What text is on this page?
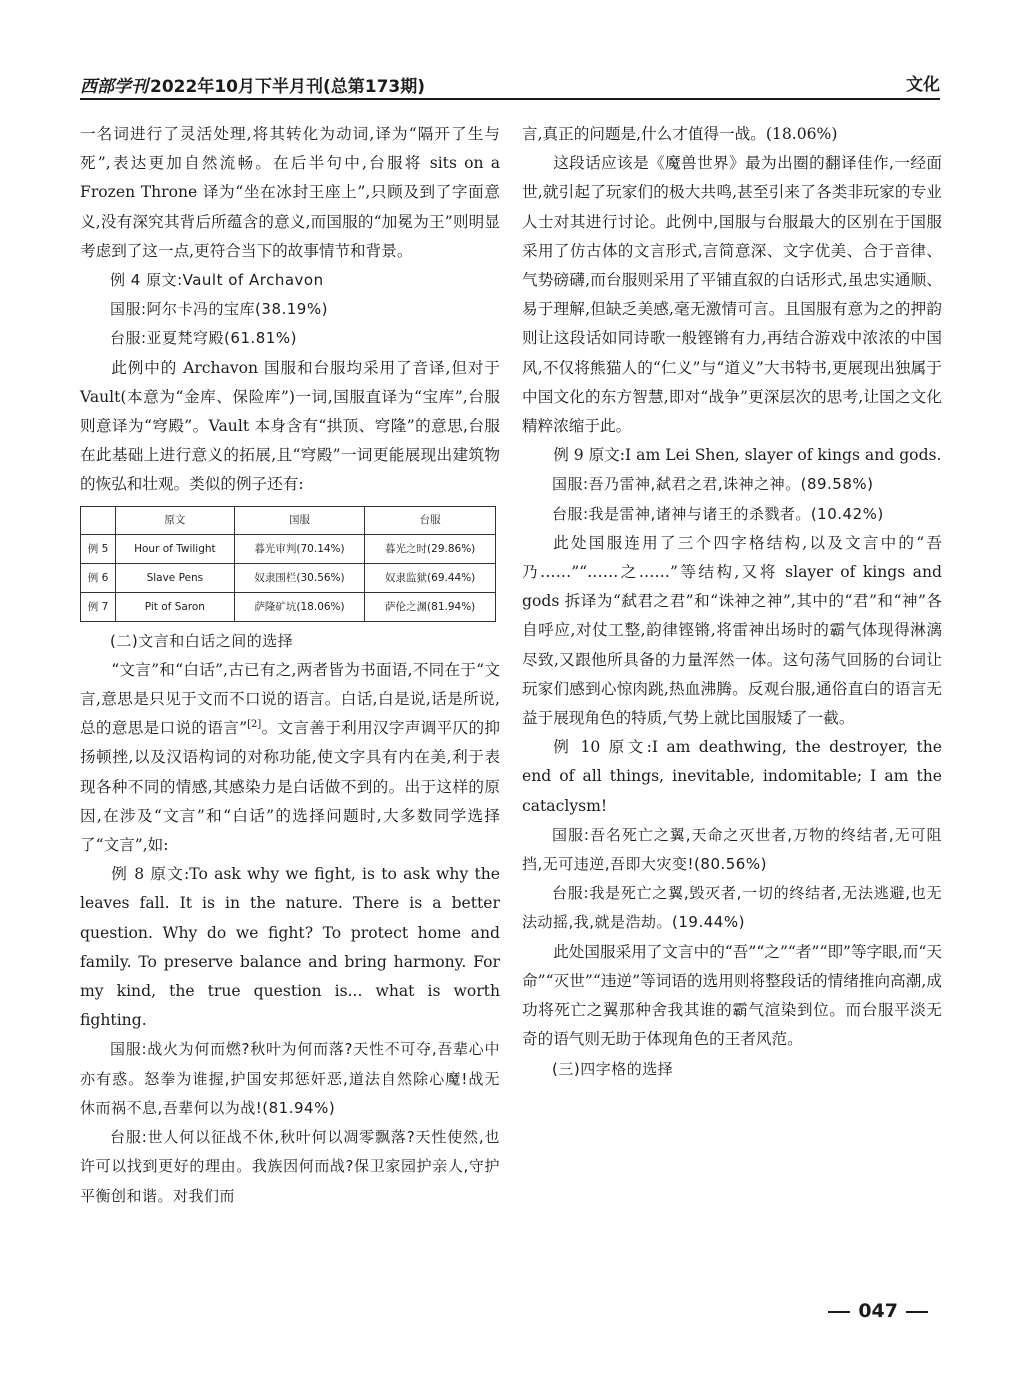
西部学刊 2022年10月下半月刊(总第173期)	文化

一名词进行了灵活处理,将其转化为动词,译为“隔开了生与死”,表达更加自然流畅。在后半句中,台服将 sits on a Frozen Throne 译为“坐在冰封王座上”,只顾及到了字面意义,没有深究其背后所蕴含的意义,而国服的“加冕为王”则明显考虑到了这一点,更符合当下的故事情节和背景。

例 4 原文:Vault of Archavon

国服:阿尔卡冯的宝库(38.19%)

台服:亚夏梵穹殿(61.81%)

此例中的 Archavon 国服和台服均采用了音译,但对于 Vault(本意为“金库、保险库”)一词,国服直译为“宝库”,台服则意译为“穹殿”。Vault 本身含有“拱顶、穹隆”的意思,台服在此基础上进行意义的拓展,且“穹殿”一词更能展现出建筑物的恢弘和壮观。类似的例子还有:

	原文	国服	台服
例 5	Hour of Twilight	暮光审判(70.14%)	暮光之时(29.86%)
例 6	Slave Pens	奴隶围栏(30.56%)	奴隶监狱(69.44%)
例 7	Pit of Saron	萨隆矿坑(18.06%)	萨伦之渊(81.94%)

(二)文言和白话之间的选择

“文言”和“白话”,古已有之,两者皆为书面语,不同在于“文言,意思是只见于文而不口说的语言。白话,白是说,话是所说,总的意思是口说的语言”[2]。文言善于利用汉字声调平仄的抑扬顿挫,以及汉语构词的对称功能,使文字具有内在美,利于表现各种不同的情感,其感染力是白话做不到的。出于这样的原因,在涉及“文言”和“白话”的选择问题时,大多数同学选择了“文言”,如:

例 8 原文:To ask why we fight, is to ask why the leaves fall. It is in the nature. There is a better question. Why do we fight? To protect home and family. To preserve balance and bring harmony. For my kind, the true question is... what is worth fighting.

国服:战火为何而燃?秋叶为何而落?天性不可夺,吾辈心中亦有惑。怒拳为谁握,护国安邦惩奸恶,道法自然除心魔!战无休而祸不息,吾辈何以为战!(81.94%)

台服:世人何以征战不休,秋叶何以凋零飘落?天性使然,也许可以找到更好的理由。我族因何而战?保卫家园护亲人,守护平衡创和谐。对我们而

言,真正的问题是,什么才值得一战。(18.06%)

这段话应该是《魔兽世界》最为出圈的翻译佳作,一经面世,就引起了玩家们的极大共鸣,甚至引来了各类非玩家的专业人士对其进行讨论。此例中,国服与台服最大的区别在于国服采用了仿古体的文言形式,言简意深、文字优美、合于音律、气势磅礴,而台服则采用了平铺直叙的白话形式,虽忠实通顺、易于理解,但缺乏美感,毫无激情可言。且国服有意为之的押韵则让这段话如同诗歌一般铿锵有力,再结合游戏中浓浓的中国风,不仅将熊猫人的“仁义”与“道义”大书特书,更展现出独属于中国文化的东方智慧,即对“战争”更深层次的思考,让国之文化精粹浓缩于此。

例 9 原文:I am Lei Shen, slayer of kings and gods.

国服:吾乃雷神,弑君之君,诛神之神。(89.58%)

台服:我是雷神,诸神与诸王的杀戮者。(10.42%)

此处国服连用了三个四字格结构,以及文言中的“吾乃……”“……之……”等结构,又将 slayer of kings and gods 拆译为“弑君之君”和“诛神之神”,其中的“君”和“神”各自呼应,对仗工整,韵律铿锵,将雷神出场时的霸气体现得淋漓尽致,又跟他所具备的力量浑然一体。这句荡气回肠的台词让玩家们感到心惊肉跳,热血沸腾。反观台服,通俗直白的语言无益于展现角色的特质,气势上就比国服矮了一截。

例 10 原文:I am deathwing, the destroyer, the end of all things, inevitable, indomitable; I am the cataclysm!

国服:吾名死亡之翼,天命之灭世者,万物的终结者,无可阻挡,无可违逆,吾即大灾变!(80.56%)

台服:我是死亡之翼,毁灭者,一切的终结者,无法逃避,也无法动摇,我,就是浩劫。(19.44%)

此处国服采用了文言中的“吾”“之”“者”“即”等字眼,而“天命”“灭世”“违逆”等词语的选用则将整段话的情绪推向高潮,成功将死亡之翼那种舍我其谁的霸气渲染到位。而台服平淡无奇的语气则无助于体现角色的王者风范。

(三)四字格的选择

047
